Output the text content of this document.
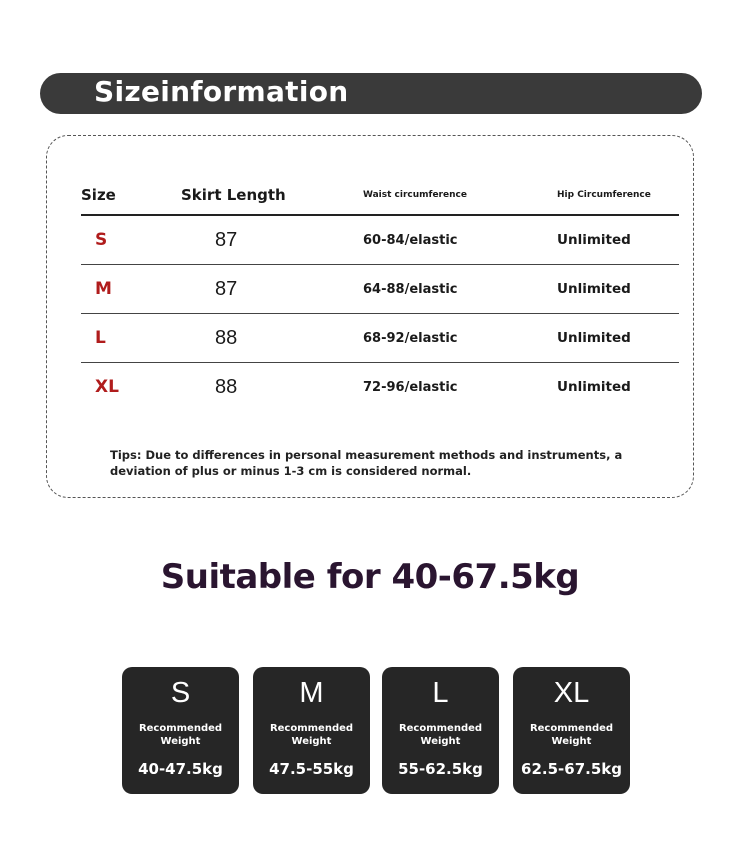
Sizeinformation
Size	Skirt Length	Waist circumference	Hip Circumference
S	87	60-84/elastic	Unlimited
M	87	64-88/elastic	Unlimited
L	88	68-92/elastic	Unlimited
XL	88	72-96/elastic	Unlimited
Tips: Due to differences in personal measurement methods and instruments, a deviation of plus or minus 1-3 cm is considered normal.
Suitable for 40-67.5kg
S
Recommended
Weight
40-47.5kg
M
Recommended
Weight
47.5-55kg
L
Recommended
Weight
55-62.5kg
XL
Recommended
Weight
62.5-67.5kg
